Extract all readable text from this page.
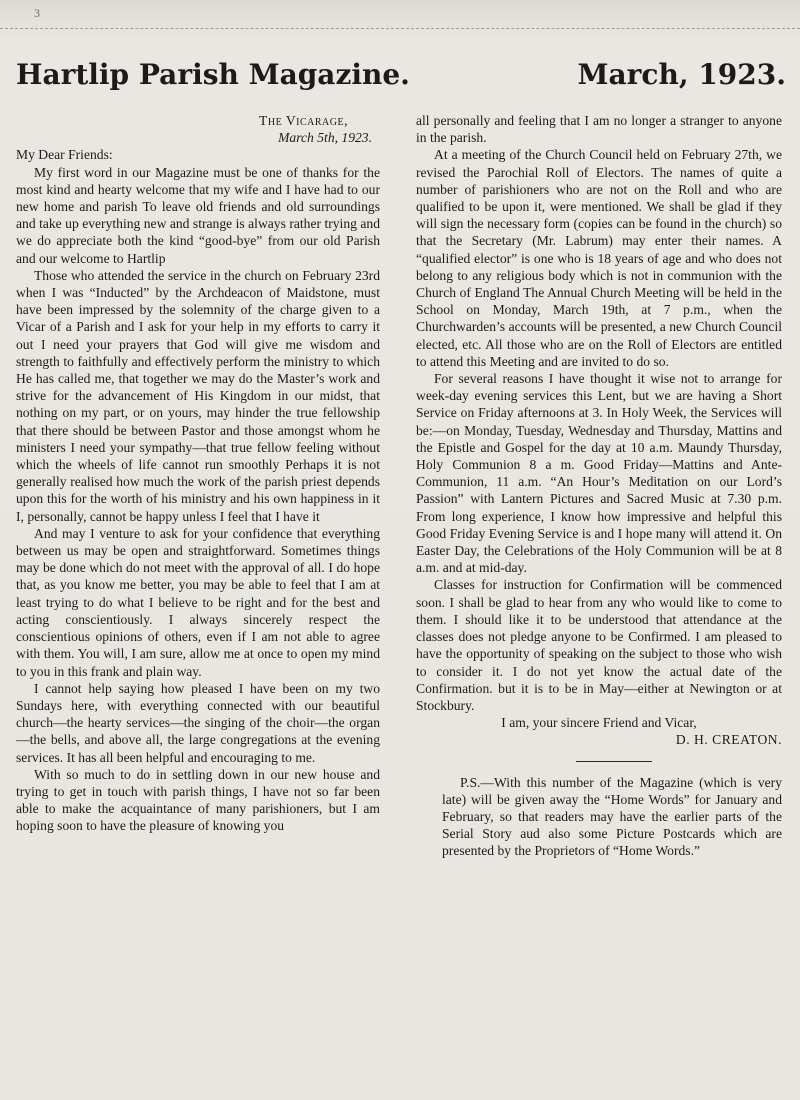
3
Hartlip Parish Magazine.	March, 1923.
The Vicarage,
March 5th, 1923.

My Dear Friends:

My first word in our Magazine must be one of thanks for the most kind and hearty welcome that my wife and I have had to our new home and parish To leave old friends and old surroundings and take up everything new and strange is always rather trying and we do appreciate both the kind “good-bye” from our old Parish and our welcome to Hartlip

Those who attended the service in the church on February 23rd when I was “Inducted” by the Archdeacon of Maidstone, must have been impressed by the solemnity of the charge given to a Vicar of a Parish and I ask for your help in my efforts to carry it out I need your prayers that God will give me wisdom and strength to faithfully and effectively perform the ministry to which He has called me, that together we may do the Master’s work and strive for the advancement of His Kingdom in our midst, that nothing on my part, or on yours, may hinder the true fellowship that there should be between Pastor and those amongst whom he ministers I need your sympathy—that true fellow feeling without which the wheels of life cannot run smoothly Perhaps it is not generally realised how much the work of the parish priest depends upon this for the worth of his ministry and his own happiness in it I, personally, cannot be happy unless I feel that I have it

And may I venture to ask for your confidence that everything between us may be open and straightforward. Sometimes things may be done which do not meet with the approval of all. I do hope that, as you know me better, you may be able to feel that I am at least trying to do what I believe to be right and for the best and acting conscientiously. I always sincerely respect the conscientious opinions of others, even if I am not able to agree with them. You will, I am sure, allow me at once to open my mind to you in this frank and plain way.

I cannot help saying how pleased I have been on my two Sundays here, with everything connected with our beautiful church—the hearty services—the singing of the choir—the organ—the bells, and above all, the large congregations at the evening services. It has all been helpful and encouraging to me.

With so much to do in settling down in our new house and trying to get in touch with parish things, I have not so far been able to make the acquaintance of many parishioners, but I am hoping soon to have the pleasure of knowing you

all personally and feeling that I am no longer a stranger to anyone in the parish.

At a meeting of the Church Council held on February 27th, we revised the Parochial Roll of Electors. The names of quite a number of parishioners who are not on the Roll and who are qualified to be upon it, were mentioned. We shall be glad if they will sign the necessary form (copies can be found in the church) so that the Secretary (Mr. Labrum) may enter their names. A “qualified elector” is one who is 18 years of age and who does not belong to any religious body which is not in communion with the Church of England The Annual Church Meeting will be held in the School on Monday, March 19th, at 7 p.m., when the Churchwarden’s accounts will be presented, a new Church Council elected, etc. All those who are on the Roll of Electors are entitled to attend this Meeting and are invited to do so.

For several reasons I have thought it wise not to arrange for week-day evening services this Lent, but we are having a Short Service on Friday afternoons at 3. In Holy Week, the Services will be:—on Monday, Tuesday, Wednesday and Thursday, Mattins and the Epistle and Gospel for the day at 10 a.m. Maundy Thursday, Holy Communion 8 a m. Good Friday—Mattins and Ante-Communion, 11 a.m. “An Hour’s Meditation on our Lord’s Passion” with Lantern Pictures and Sacred Music at 7.30 p.m. From long experience, I know how impressive and helpful this Good Friday Evening Service is and I hope many will attend it. On Easter Day, the Celebrations of the Holy Communion will be at 8 a.m. and at mid-day.

Classes for instruction for Confirmation will be commenced soon. I shall be glad to hear from any who would like to come to them. I should like it to be understood that attendance at the classes does not pledge anyone to be Confirmed. I am pleased to have the opportunity of speaking on the subject to those who wish to consider it. I do not yet know the actual date of the Confirmation. but it is to be in May—either at Newington or at Stockbury.

I am, your sincere Friend and Vicar,

D. H. CREATON.

P.S.—With this number of the Magazine (which is very late) will be given away the “Home Words” for January and February, so that readers may have the earlier parts of the Serial Story aud also some Picture Postcards which are presented by the Proprietors of “Home Words.”
